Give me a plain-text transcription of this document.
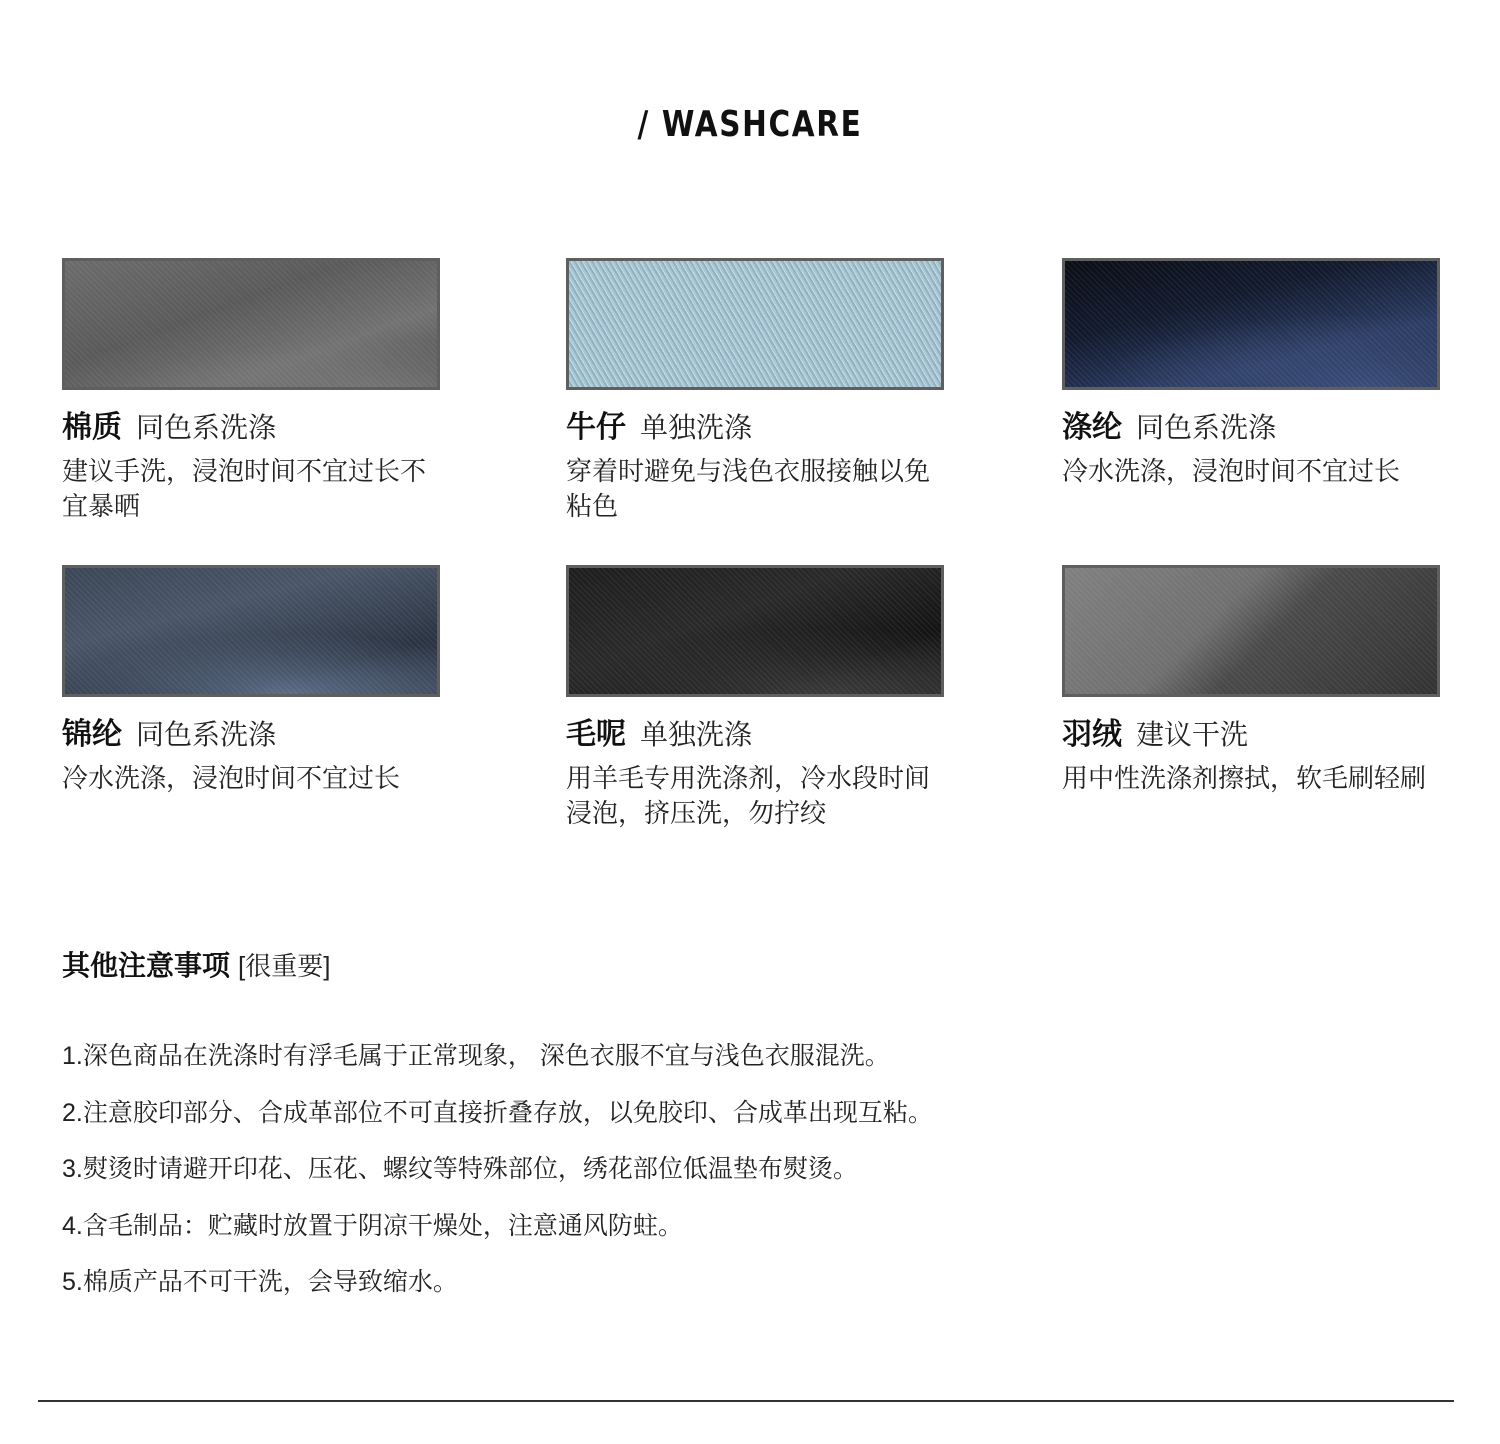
/ WASHCARE
棉质 同色系洗涤
建议手洗，浸泡时间不宜过长不宜暴晒
牛仔 单独洗涤
穿着时避免与浅色衣服接触以免粘色
涤纶 同色系洗涤
冷水洗涤，浸泡时间不宜过长
锦纶 同色系洗涤
冷水洗涤，浸泡时间不宜过长
毛呢 单独洗涤
用羊毛专用洗涤剂，冷水段时间浸泡，挤压洗，勿拧绞
羽绒 建议干洗
用中性洗涤剂擦拭，软毛刷轻刷
其他注意事项 [很重要]
1.深色商品在洗涤时有浮毛属于正常现象， 深色衣服不宜与浅色衣服混洗。
2.注意胶印部分、合成革部位不可直接折叠存放，以免胶印、合成革出现互粘。
3.熨烫时请避开印花、压花、螺纹等特殊部位，绣花部位低温垫布熨烫。
4.含毛制品：贮藏时放置于阴凉干燥处，注意通风防蛀。
5.棉质产品不可干洗，会导致缩水。
